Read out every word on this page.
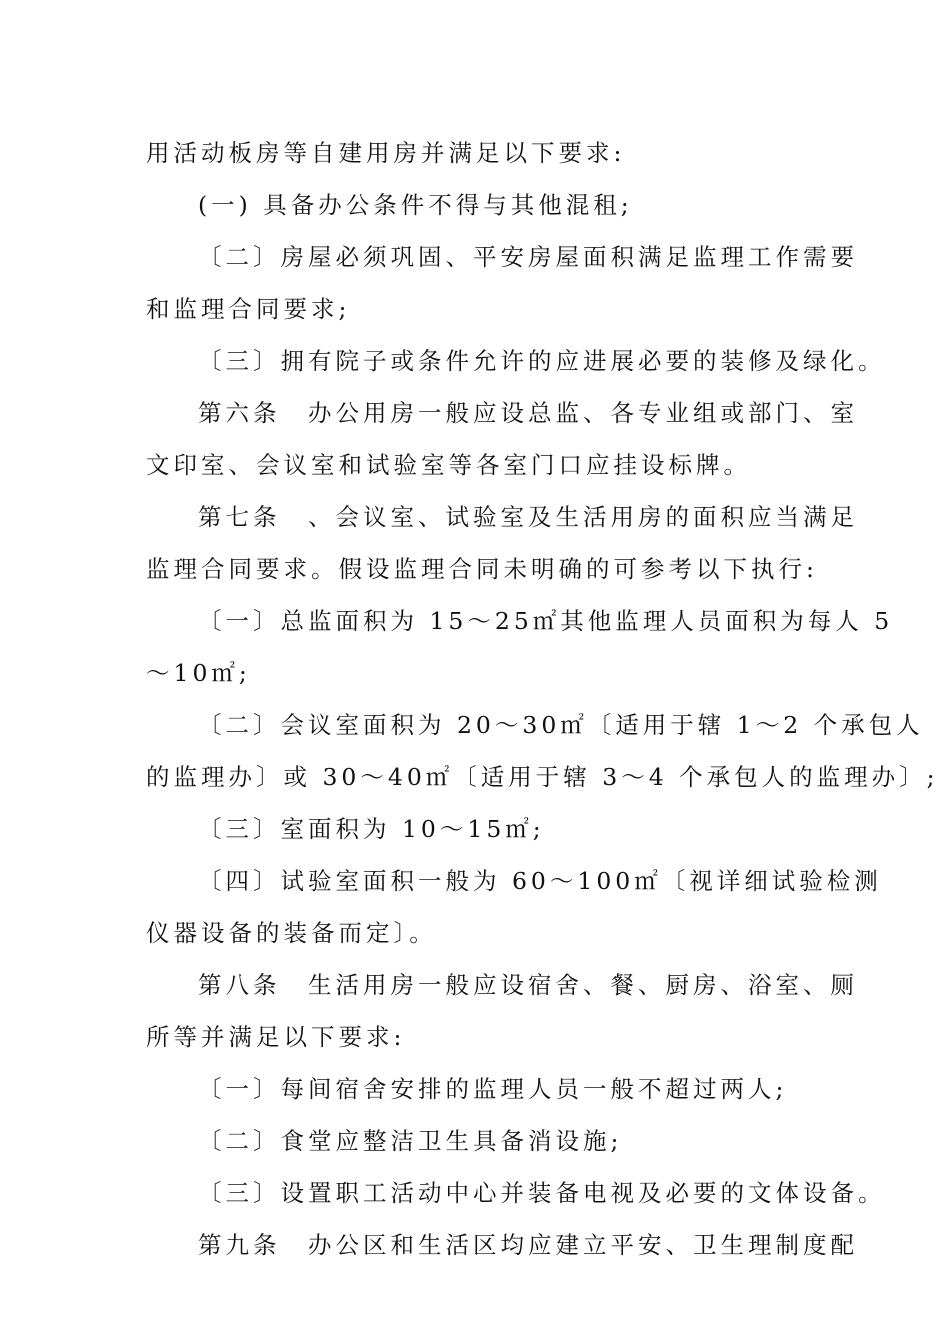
用活动板房等自建用房并满足以下要求:
(一) 具备办公条件不得与其他混租;
〔二〕房屋必须巩固、平安房屋面积满足监理工作需要
和监理合同要求;
〔三〕拥有院子或条件允许的应进展必要的装修及绿化。
第六条　办公用房一般应设总监、各专业组或部门、室
文印室、会议室和试验室等各室门口应挂设标牌。
第七条　、会议室、试验室及生活用房的面积应当满足
监理合同要求。假设监理合同未明确的可参考以下执行:
〔一〕总监面积为 15～25㎡其他监理人员面积为每人 5
～10㎡;
〔二〕会议室面积为 20～30㎡〔适用于辖 1～2 个承包人
的监理办〕或 30～40㎡〔适用于辖 3～4 个承包人的监理办〕;
〔三〕室面积为 10～15㎡;
〔四〕试验室面积一般为 60～100㎡〔视详细试验检测
仪器设备的装备而定〕。
第八条　生活用房一般应设宿舍、餐、厨房、浴室、厕
所等并满足以下要求:
〔一〕每间宿舍安排的监理人员一般不超过两人;
〔二〕食堂应整洁卫生具备消设施;
〔三〕设置职工活动中心并装备电视及必要的文体设备。
第九条　办公区和生活区均应建立平安、卫生理制度配
